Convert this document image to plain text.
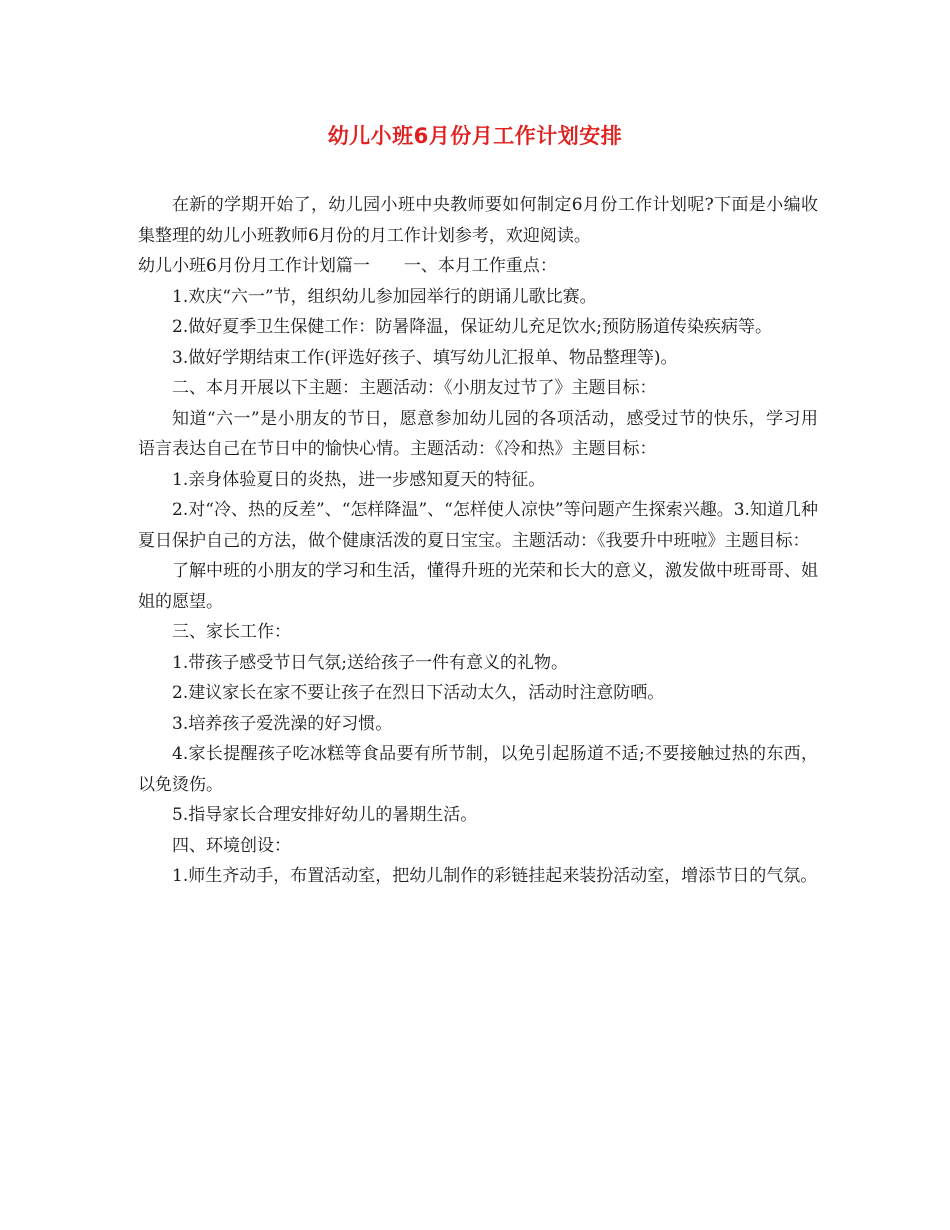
幼儿小班6月份月工作计划安排

在新的学期开始了，幼儿园小班中央教师要如何制定6月份工作计划呢?下面是小编收集整理的幼儿小班教师6月份的月工作计划参考，欢迎阅读。

幼儿小班6月份月工作计划篇一　　一、本月工作重点：

1.欢庆“六一”节，组织幼儿参加园举行的朗诵儿歌比赛。

2.做好夏季卫生保健工作：防暑降温，保证幼儿充足饮水;预防肠道传染疾病等。

3.做好学期结束工作(评选好孩子、填写幼儿汇报单、物品整理等)。

二、本月开展以下主题：主题活动：《小朋友过节了》主题目标：

知道“六一”是小朋友的节日，愿意参加幼儿园的各项活动，感受过节的快乐，学习用语言表达自己在节日中的愉快心情。主题活动：《冷和热》主题目标：

1.亲身体验夏日的炎热，进一步感知夏天的特征。

2.对“冷、热的反差”、“怎样降温”、“怎样使人凉快”等问题产生探索兴趣。3.知道几种夏日保护自己的方法，做个健康活泼的夏日宝宝。主题活动：《我要升中班啦》主题目标：

了解中班的小朋友的学习和生活，懂得升班的光荣和长大的意义，激发做中班哥哥、姐姐的愿望。

三、家长工作：

1.带孩子感受节日气氛;送给孩子一件有意义的礼物。

2.建议家长在家不要让孩子在烈日下活动太久，活动时注意防晒。

3.培养孩子爱洗澡的好习惯。

4.家长提醒孩子吃冰糕等食品要有所节制，以免引起肠道不适;不要接触过热的东西，以免烫伤。

5.指导家长合理安排好幼儿的暑期生活。

四、环境创设：

1.师生齐动手，布置活动室，把幼儿制作的彩链挂起来装扮活动室，增添节日的气氛。
